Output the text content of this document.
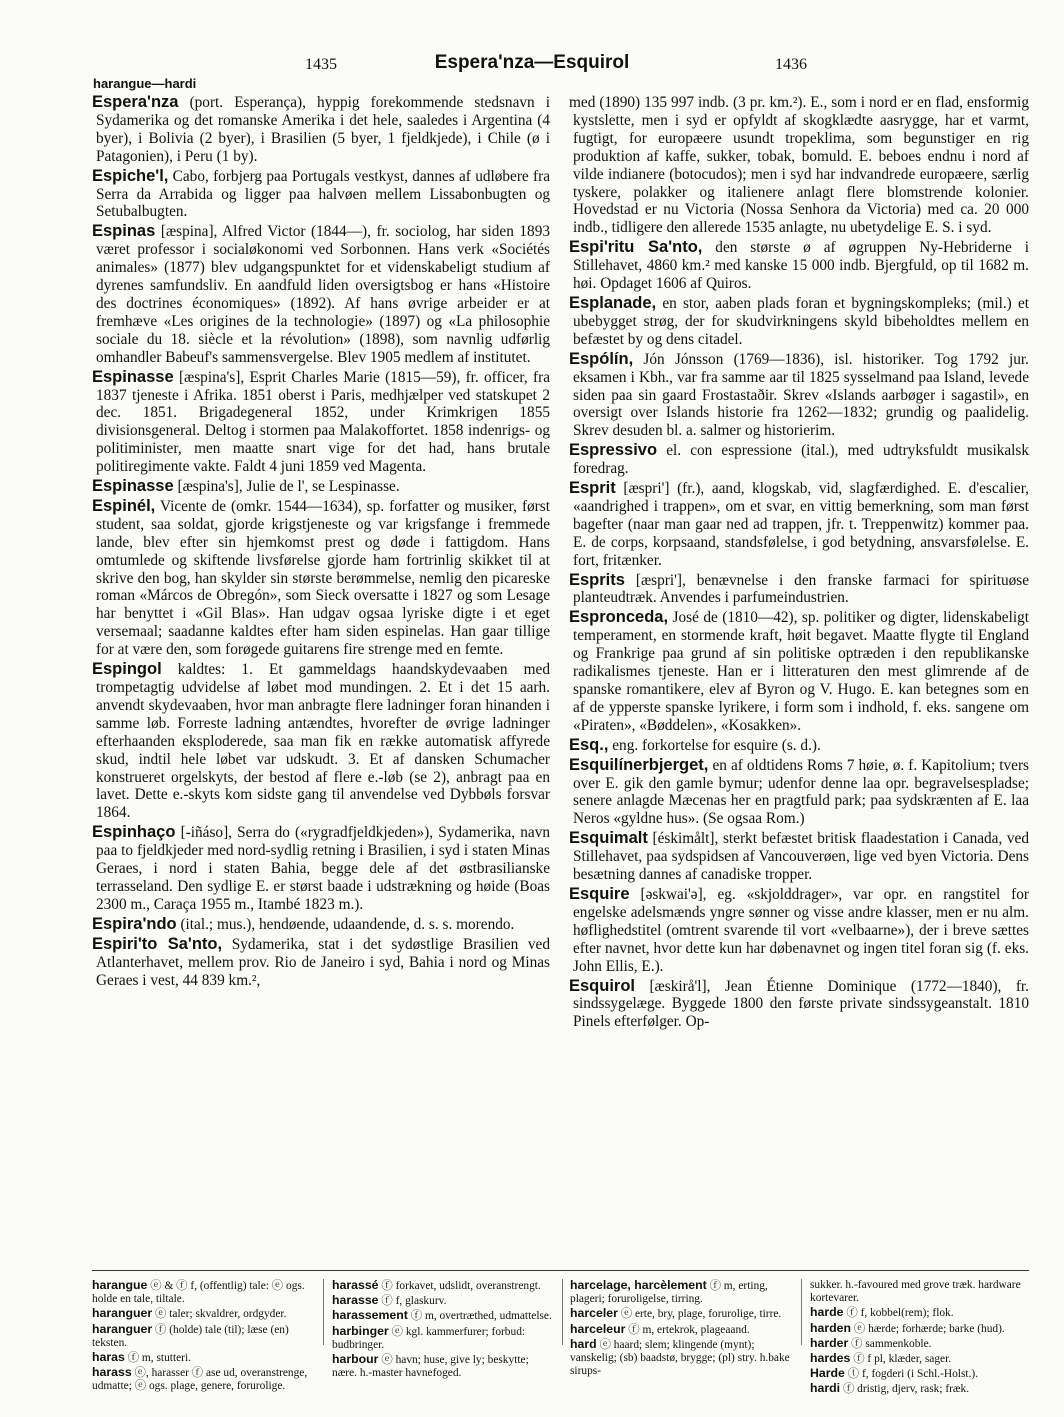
1435	Espera'nza—Esquirol	1436
harangue—hardi
Espera'nza (port. Esperança), hyppig forekommende stedsnavn i Sydamerika og det romanske Amerika i det hele, saaledes i Argentina (4 byer), i Bolivia (2 byer), i Brasilien (5 byer, 1 fjeldkjede), i Chile (ø i Patagonien), i Peru (1 by).
Espiche'l, Cabo, forbjerg paa Portugals vestkyst, dannes af udløbere fra Serra da Arrabida og ligger paa halvøen mellem Lissabonbugten og Setubalbugten.
Espinas [æspina], Alfred Victor (1844—), fr. sociolog, har siden 1893 været professor i socialøkonomi ved Sorbonnen. Hans verk «Sociétés animales» (1877) blev udgangspunktet for et videnskabeligt studium af dyrenes samfundsliv. En aandfuld liden oversigtsbog er hans «Histoire des doctrines économiques» (1892). Af hans øvrige arbeider er at fremhæve «Les origines de la technologie» (1897) og «La philosophie sociale du 18. siècle et la révolution» (1898), som navnlig udførlig omhandler Babeuf's sammensvergelse. Blev 1905 medlem af institutet.
Espinasse [æspina's], Esprit Charles Marie (1815—59), fr. officer, fra 1837 tjeneste i Afrika. 1851 oberst i Paris, medhjælper ved statskupet 2 dec. 1851. Brigadegeneral 1852, under Krimkrigen 1855 divisionsgeneral. Deltog i stormen paa Malakoffortet. 1858 indenrigs- og politiminister, men maatte snart vige for det had, hans brutale politiregimente vakte. Faldt 4 juni 1859 ved Magenta.
Espinasse [æspina's], Julie de l', se Lespinasse.
Espinél, Vicente de (omkr. 1544—1634), sp. forfatter og musiker, først student, saa soldat, gjorde krigstjeneste og var krigsfange i fremmede lande, blev efter sin hjemkomst prest og døde i fattigdom. Hans omtumlede og skiftende livsførelse gjorde ham fortrinlig skikket til at skrive den bog, han skylder sin største berømmelse, nemlig den picareske roman «Márcos de Obregón», som Sieck oversatte i 1827 og som Lesage har benyttet i «Gil Blas». Han udgav ogsaa lyriske digte i et eget versemaal; saadanne kaldtes efter ham siden espinelas. Han gaar tillige for at være den, som forøgede guitarens fire strenge med en femte.
Espingol kaldtes: 1. Et gammeldags haandskydevaaben med trompetagtig udvidelse af løbet mod mundingen. 2. Et i det 15 aarh. anvendt skydevaaben, hvor man anbragte flere ladninger foran hinanden i samme løb. Forreste ladning antændtes, hvorefter de øvrige ladninger efterhaanden eksploderede, saa man fik en række automatisk affyrede skud, indtil hele løbet var udskudt. 3. Et af dansken Schumacher konstrueret orgelskyts, der bestod af flere e.-løb (se 2), anbragt paa en lavet. Dette e.-skyts kom sidste gang til anvendelse ved Dybbøls forsvar 1864.
Espinhaço [-iñáso], Serra do («rygradfjeldkjeden»), Sydamerika, navn paa to fjeldkjeder med nord-sydlig retning i Brasilien, i syd i staten Minas Geraes, i nord i staten Bahia, begge dele af det østbrasilianske terrasseland. Den sydlige E. er størst baade i udstrækning og høide (Boas 2300 m., Caraça 1955 m., Itambé 1823 m.).
Espira'ndo (ital.; mus.), hendøende, udaandende, d. s. s. morendo.
Espiri'to Sa'nto, Sydamerika, stat i det sydøstlige Brasilien ved Atlanterhavet, mellem prov. Rio de Janeiro i syd, Bahia i nord og Minas Geraes i vest, 44 839 km.²,
med (1890) 135 997 indb. (3 pr. km.²). E., som i nord er en flad, ensformig kystslette, men i syd er opfyldt af skogklædte aasrygge, har et varmt, fugtigt, for europæere usundt tropeklima, som begunstiger en rig produktion af kaffe, sukker, tobak, bomuld. E. beboes endnu i nord af vilde indianere (botocudos); men i syd har indvandrede europæere, særlig tyskere, polakker og italienere anlagt flere blomstrende kolonier. Hovedstad er nu Victoria (Nossa Senhora da Victoria) med ca. 20 000 indb., tidligere den allerede 1535 anlagte, nu ubetydelige E. S. i syd.
Espi'ritu Sa'nto, den største ø af øgruppen Ny-Hebriderne i Stillehavet, 4860 km.² med kanske 15 000 indb. Bjergfuld, op til 1682 m. høi. Opdaget 1606 af Quiros.
Esplanade, en stor, aaben plads foran et bygningskompleks; (mil.) et ubebygget strøg, der for skudvirkningens skyld bibeholdtes mellem en befæstet by og dens citadel.
Espólín, Jón Jónsson (1769—1836), isl. historiker. Tog 1792 jur. eksamen i Kbh., var fra samme aar til 1825 sysselmand paa Island, levede siden paa sin gaard Frostastaðir. Skrev «Islands aarbøger i sagastil», en oversigt over Islands historie fra 1262—1832; grundig og paalidelig. Skrev desuden bl. a. salmer og historierim.
Espressivo el. con espressione (ital.), med udtryksfuldt musikalsk foredrag.
Esprit [æspri'] (fr.), aand, klogskab, vid, slagfærdighed. E. d'escalier, «aandrighed i trappen», om et svar, en vittig bemerkning, som man først bagefter (naar man gaar ned ad trappen, jfr. t. Treppenwitz) kommer paa. E. de corps, korpsaand, standsfølelse, i god betydning, ansvarsfølelse. E. fort, fritænker.
Esprits [æspri'], benævnelse i den franske farmaci for spirituøse planteudtræk. Anvendes i parfumeindustrien.
Espronceda, José de (1810—42), sp. politiker og digter, lidenskabeligt temperament, en stormende kraft, høit begavet. Maatte flygte til England og Frankrige paa grund af sin politiske optræden i den republikanske radikalismes tjeneste. Han er i litteraturen den mest glimrende af de spanske romantikere, elev af Byron og V. Hugo. E. kan betegnes som en af de ypperste spanske lyrikere, i form som i indhold, f. eks. sangene om «Piraten», «Bøddelen», «Kosakken».
Esq., eng. forkortelse for esquire (s. d.).
Esquilínerbjerget, en af oldtidens Roms 7 høie, ø. f. Kapitolium; tvers over E. gik den gamle bymur; udenfor denne laa opr. begravelsespladse; senere anlagde Mæcenas her en pragtfuld park; paa sydskrænten af E. laa Neros «gyldne hus». (Se ogsaa Rom.)
Esquimalt [éskimålt], sterkt befæstet britisk flaadestation i Canada, ved Stillehavet, paa sydspidsen af Vancouverøen, lige ved byen Victoria. Dens besætning dannes af canadiske tropper.
Esquire [əskwai'ə], eg. «skjolddrager», var opr. en rangstitel for engelske adelsmænds yngre sønner og visse andre klasser, men er nu alm. høflighedstitel (omtrent svarende til vort «velbaarne»), der i breve sættes efter navnet, hvor dette kun har døbenavnet og ingen titel foran sig (f. eks. John Ellis, E.).
Esquirol [æskirå'l], Jean Étienne Dominique (1772—1840), fr. sindssygelæge. Byggede 1800 den første private sindssygeanstalt. 1810 Pinels efterfølger. Op-
harangue ⓔ & ⓕ f, (offentlig) tale: ⓔ ogs. holde en tale, tiltale.
haranguer ⓔ taler; skvaldrer, ordgyder.
haranguer ⓕ (holde) tale (til); læse (en) teksten.
haras ⓕ m, stutteri.
harass ⓔ, harasser ⓕ ase ud, overanstrenge, udmatte; ⓔ ogs. plage, genere, forurolige.
harassé ⓕ forkavet, udslidt, overanstrengt.
harasse ⓕ f, glaskurv.
harassement ⓕ m, overtræthed, udmattelse.
harbinger ⓔ kgl. kammerfurer; forbud: budbringer.
harbour ⓔ havn; huse, give ly; beskytte; nære. h.-master havnefoged.
harcelage, harcèlement ⓕ m, erting, plageri; forurоligelse, tirring.
harceler ⓔ erte, bry, plage, forurolige, tirre.
harceleur ⓕ m, ertekrok, plageaand.
hard ⓔ haard; slem; klingende (mynt); vanskelig; (sb) baadstø, brygge; (pl) stry. h.bake sirups-
sukker. h.-favoured med grove træk. hardware kortevarer.
harde ⓕ f, kobbel(rem); flok.
harden ⓔ hærde; forhærde; barke (hud).
harder ⓕ sammenkoble.
hardes ⓕ f pl, klæder, sager.
Harde ⓣ f, fogderi (i Schl.-Holst.).
hardi ⓕ dristig, djerv, rask; fræk.
